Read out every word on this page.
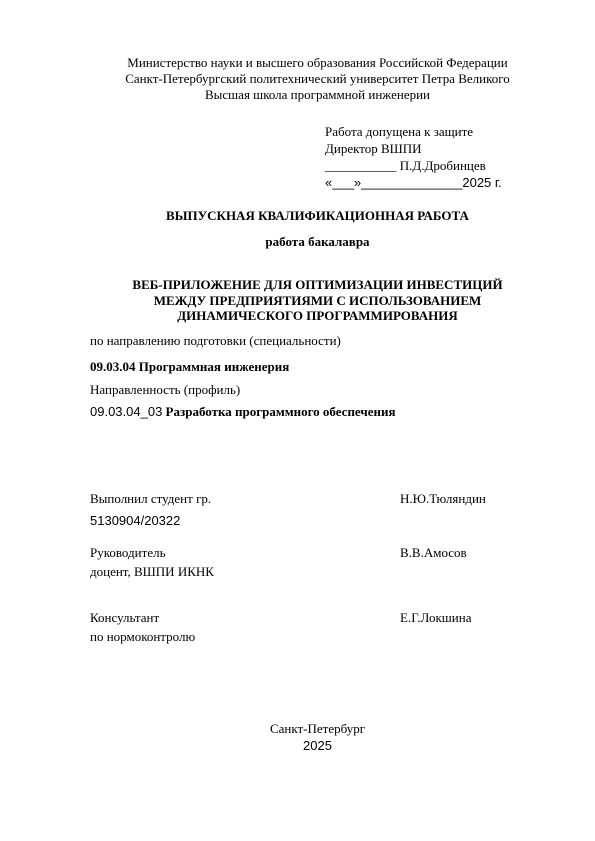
Министерство науки и высшего образования Российской Федерации
Санкт-Петербургский политехнический университет Петра Великого
Высшая школа программной инженерии
Работа допущена к защите
Директор ВШПИ
___________ П.Д.Дробинцев
«___»______________2025 г.
ВЫПУСКНАЯ КВАЛИФИКАЦИОННАЯ РАБОТА
работа бакалавра
ВЕБ-ПРИЛОЖЕНИЕ ДЛЯ ОПТИМИЗАЦИИ ИНВЕСТИЦИЙ
МЕЖДУ ПРЕДПРИЯТИЯМИ С ИСПОЛЬЗОВАНИЕМ
ДИНАМИЧЕСКОГО ПРОГРАММИРОВАНИЯ
по направлению подготовки (специальности)
09.03.04 Программная инженерия
Направленность (профиль)
09.03.04_03 Разработка программного обеспечения
Выполнил студент гр.
5130904/20322
Н.Ю.Тюляндин
Руководитель
доцент, ВШПИ ИКНК
В.В.Амосов
Консультант
по нормоконтролю
Е.Г.Локшина
Санкт-Петербург
2025
